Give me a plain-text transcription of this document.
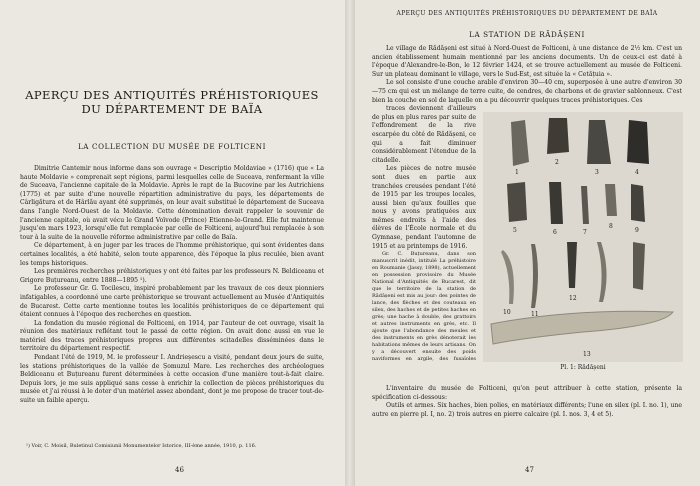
APERÇU DES ANTIQUITÉS PRÉHISTORIQUES
DU DÉPARTEMENT DE BAÏA
LA COLLECTION DU MUSÉE DE FOLTICENI

Dimitrie Cantemir nous informe dans son ouvrage « Descriptio Moldaviae » (1716) que « La haute Moldavie » comprenait sept régions, parmi lesquelles celle de Suceava, renfermant la ville de Suceava, l'ancienne capitale de la Moldavie. Après le rapt de la Bucovine par les Autrichiens (1775) et par suite d'une nouvelle répartition administrative du pays, les départements de Cârligătura et de Hârlău ayant été supprimés, on leur avait substitué le département de Suceava dans l'angle Nord-Ouest de la Moldavie. Cette dénomination devait rappeler le souvenir de l'ancienne capitale, où avait vécu le Grand Voïvode (Prince) Etienne-le-Grand. Elle fut maintenue jusqu'en mars 1923, lorsqu'elle fut remplacée par celle de Folticeni, aujourd'hui remplacée à son tour à la suite de la nouvelle réforme administrative par celle de Baïa.

Ce département, à en juger par les traces de l'homme préhistorique, qui sont évidentes dans certaines localités, a été habité, selon toute apparence, dès l'époque la plus reculée, bien avant les temps historiques.

Les premières recherches préhistoriques y ont été faites par les professeurs N. Beldiceanu et Grigore Buțureanu, entre 1888—1895 ¹).

Le professeur Gr. G. Tocilescu, inspiré probablement par les travaux de ces deux pionniers infatigables, a coordonné une carte préhistorique se trouvant actuellement au Musée d'Antiquités de Bucarest. Cette carte mentionne toutes les localités préhistoriques de ce département qui étaient connues à l'époque des recherches en question.

La fondation du musée régional de Folticeni, en 1914, par l'auteur de cet ouvrage, visait la réunion des matériaux reflétant tout le passé de cette région. On avait donc aussi en vue le matériel des traces préhistoriques propres aux différentes scitadelles disséminées dans le territoire du département respectif.

Pendant l'été de 1919, M. le professeur I. Andrieșescu a visité, pendant deux jours de suite, les stations préhistoriques de la vallée de Șomuzul Mare. Les recherches des archéologues Beldiceanu et Buțureanu furent déterminées à cette occasion d'une manière tout-à-fait claire. Depuis lors, je me suis appliqué sans cesse à enrichir la collection de pièces préhistoriques du musée et j'ai réussi à le doter d'un matériel assez abondant, dont je me propose de tracer tout-de-suite un faible aperçu.

¹) Voir, C. Moisil, Buletinul Comisiunii Monumentelor Istorice, III-ème année, 1910, p. 116.
46
APERÇU DES ANTIQUITÉS PRÉHISTORIQUES DU DÉPARTEMENT DE BAÏA
LA STATION DE RĂDĂȘENI

Le village de Rădășeni est situé à Nord-Ouest de Folticeni, à une distance de 2½ km. C'est un ancien établissement humain mentionné par les anciens documents. Un de ceux-ci est daté à l'époque d'Alexandre-le-Bon, le 12 février 1424, et se trouve actuellement au musée de Folticeni. Sur un plateau dominant le village, vers le Sud-Est, est située la « Cetățuia ».

Le sol consiste d'une couche arable d'environ 30—40 cm, superposée à une autre d'environ 30—75 cm qui est un mélange de terre cuite, de cendres, de charbons et de gravier sablonneux. C'est bien la couche en sol de laquelle on a pu découvrir quelques traces préhistoriques. Ces

traces deviennent d'ailleurs de plus en plus rares par suite de l'effondrement de la rive escarpée du côté de Rădășeni, ce qui a fait diminuer considérablement l'étendue de la citadelle.

Les pièces de notre musée sont dues en partie aux tranchées creusées pendant l'été de 1915 par les troupes locales, aussi bien qu'aux fouilles que nous y avons pratiquées aux mêmes endroits à l'aide des élèves de l'École normale et du Gymnase, pendant l'automne de 1915 et au printemps de 1916.

Gr. C. Buțureanu, dans son manuscrit inédit, intitulé La préhistoire en Roumanie (Jassy, 1898), actuellement en possession provisoire du Musée National d'Antiquités de Bucarest, dit que le territoire de la station de Rădășeni est mis au jour: des pointes de lance, des flèches et des couteaux en silex, des haches et de petites haches en grès; une hache à double, des grattoirs et autres instruments en grès, etc. Il ajoute que l'abondance des meules et des instruments en grès dénoterait les habitations mêmes de leurs artisans. On y a découvert ensuite des poids naviformes en argile, des fusaïoles

1
2
3	4
5	6	7
8
9
10	11
12
13
Pl. 1: Rădășeni

L'inventaire du musée de Folticeni, qu'on peut attribuer à cette station, présente la spécification ci-dessous:

Outils et armes. Six haches, bien polies, en matériaux différents; l'une en silex (pl. I. no. 1), une autre en pierre pl. I, no. 2) trois autres en pierre calcaire (pl. I. nos. 3, 4 et 5).

47
